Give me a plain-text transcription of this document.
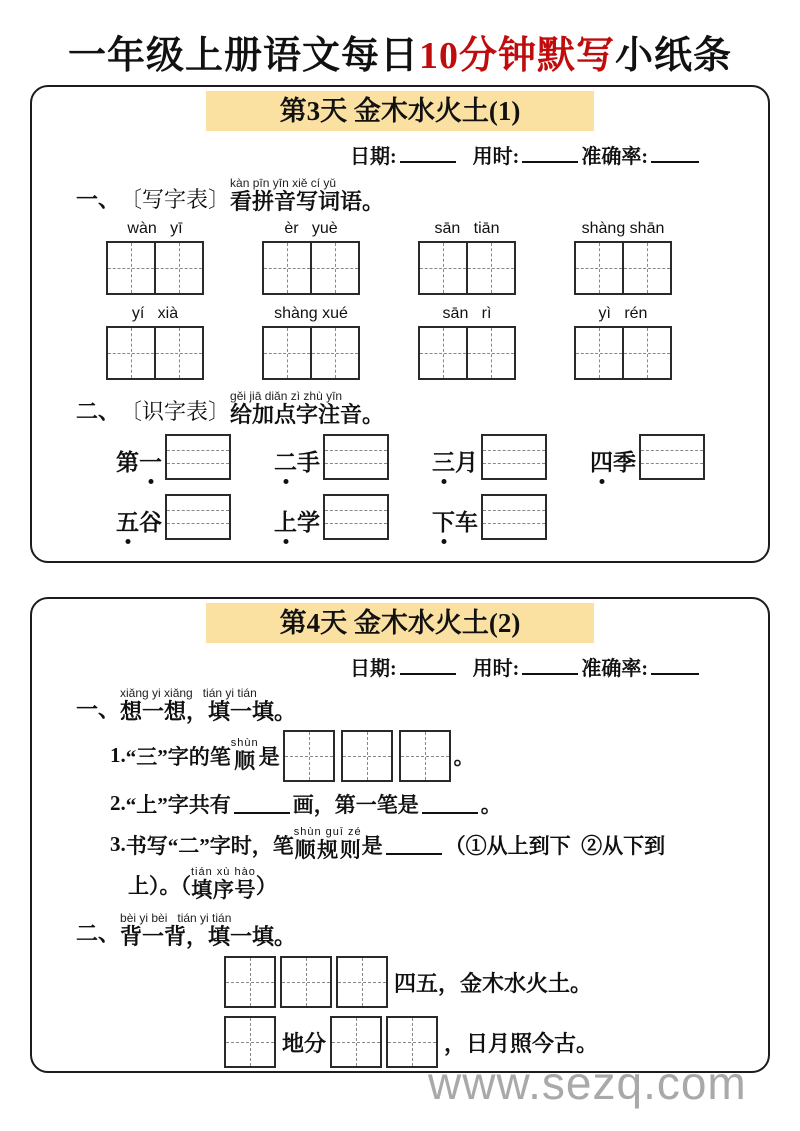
一年级上册语文每日10分钟默写小纸条
第3天 金木水火土(1)
日期:	用时:	准确率:
一、 〔写字表〕
kàn pīn yīn xiě cí yǔ
看拼音写词语。
wàn   yī	èr   yuè	sān   tiān	shàng shān
yí   xià	shàng xué	sān   rì	yì   rén
二、 〔识字表〕
gěi jiā diǎn zì zhù yīn
给加点字注音。
第一	二手	三月	四季
五谷	上学	下车
第4天 金木水火土(2)
日期:	用时:	准确率:
一、
xiǎng yi xiǎng   tián yi tián
想一想，填一填。
1. “三”字的笔 顺shùn
是	。
2. “上”字共有	画，第一笔是	。
3. 书写“二”字时，笔 顺规则shùn guī zé
是	（①从上到下  ②从下到
上）。（ 填序号tián xù hào
）
二、
bèi yi bèi   tián yi tián
背一背，填一填。
四五，金木水火土。
地分	，日月照今古。
www.sezq.com
